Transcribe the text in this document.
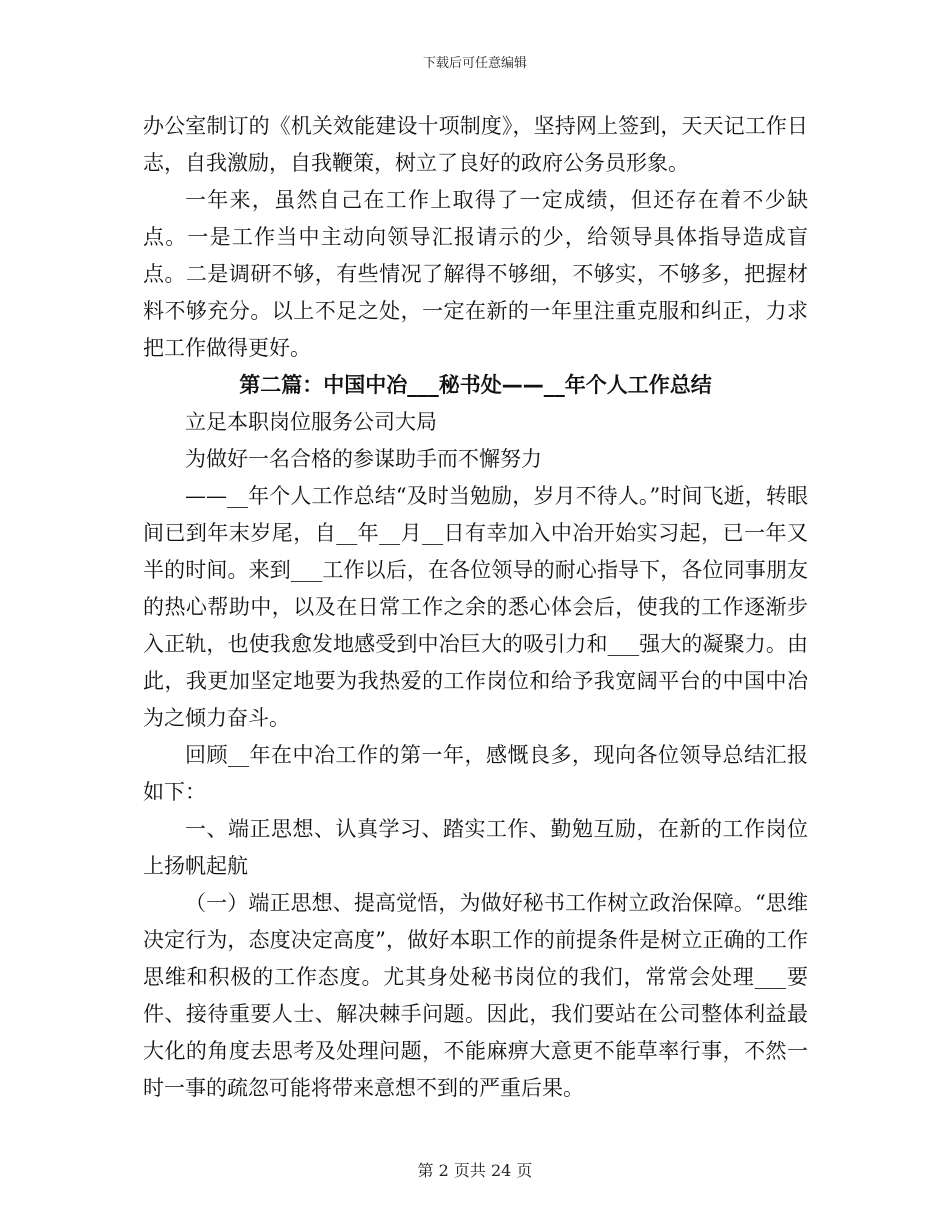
下载后可任意编辑

办公室制订的《机关效能建设十项制度》，坚持网上签到，天天记工作日志，自我激励，自我鞭策，树立了良好的政府公务员形象。

一年来，虽然自己在工作上取得了一定成绩，但还存在着不少缺点。一是工作当中主动向领导汇报请示的少，给领导具体指导造成盲点。二是调研不够，有些情况了解得不够细，不够实，不够多，把握材料不够充分。以上不足之处，一定在新的一年里注重克服和纠正，力求把工作做得更好。

第二篇：中国中冶___秘书处——__年个人工作总结

立足本职岗位服务公司大局

为做好一名合格的参谋助手而不懈努力

——__年个人工作总结“及时当勉励，岁月不待人。”时间飞逝，转眼间已到年末岁尾，自__年__月__日有幸加入中冶开始实习起，已一年又半的时间。来到___工作以后，在各位领导的耐心指导下，各位同事朋友的热心帮助中，以及在日常工作之余的悉心体会后，使我的工作逐渐步入正轨，也使我愈发地感受到中冶巨大的吸引力和___强大的凝聚力。由此，我更加坚定地要为我热爱的工作岗位和给予我宽阔平台的中国中冶为之倾力奋斗。

回顾__年在中冶工作的第一年，感慨良多，现向各位领导总结汇报如下：

一、端正思想、认真学习、踏实工作、勤勉互励，在新的工作岗位上扬帆起航

（一）端正思想、提高觉悟，为做好秘书工作树立政治保障。“思维决定行为，态度决定高度”，做好本职工作的前提条件是树立正确的工作思维和积极的工作态度。尤其身处秘书岗位的我们，常常会处理___要件、接待重要人士、解决棘手问题。因此，我们要站在公司整体利益最大化的角度去思考及处理问题，不能麻痹大意更不能草率行事，不然一时一事的疏忽可能将带来意想不到的严重后果。

第 2 页共 24 页
